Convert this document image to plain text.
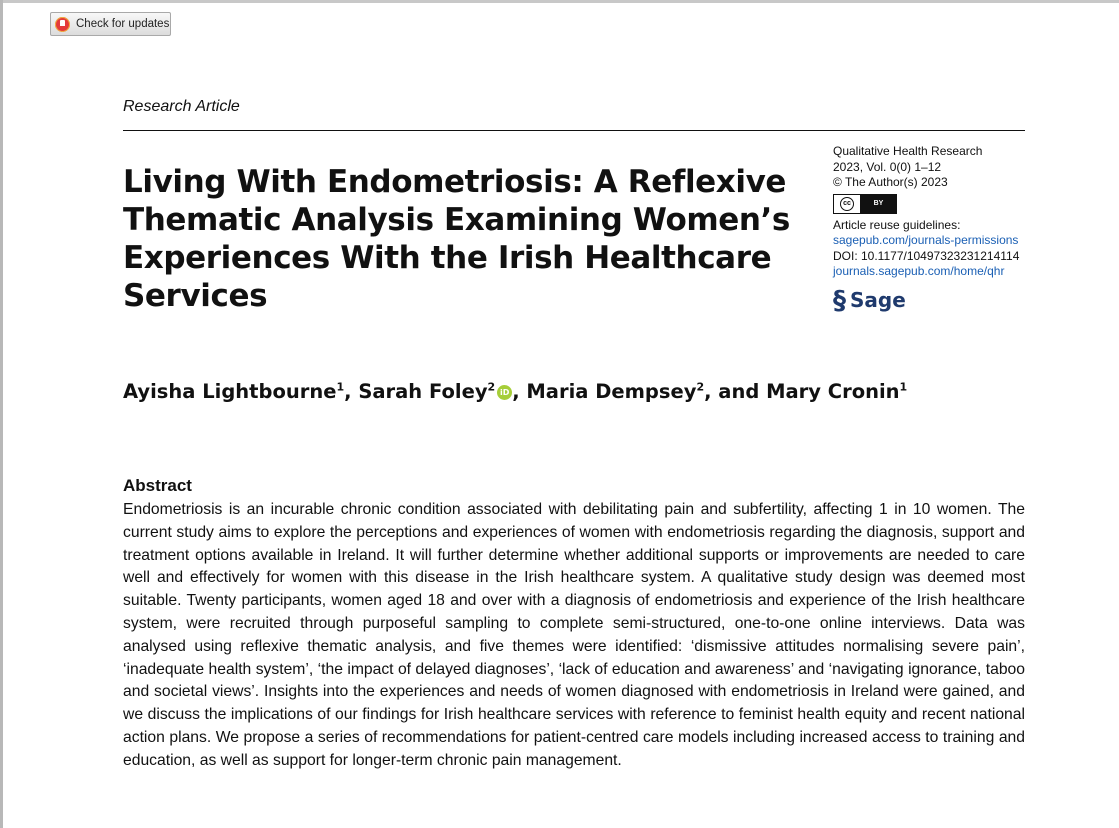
Check for updates
Research Article
Living With Endometriosis: A Reflexive Thematic Analysis Examining Women’s Experiences With the Irish Healthcare Services
Qualitative Health Research
2023, Vol. 0(0) 1–12
© The Author(s) 2023
cc	BY
Article reuse guidelines:
sagepub.com/journals-permissions
DOI: 10.1177/10497323231214114
journals.sagepub.com/home/qhr
§ Sage
Ayisha Lightbourne$^1$, Sarah Foley$^2$ iD , Maria Dempsey$^2$, and Mary Cronin$^1$
Abstract

Endometriosis is an incurable chronic condition associated with debilitating pain and subfertility, affecting 1 in 10 women. The current study aims to explore the perceptions and experiences of women with endometriosis regarding the diagnosis, support and treatment options available in Ireland. It will further determine whether additional supports or improvements are needed to care well and effectively for women with this disease in the Irish healthcare system. A qualitative study design was deemed most suitable. Twenty participants, women aged 18 and over with a diagnosis of endometriosis and experience of the Irish healthcare system, were recruited through purposeful sampling to complete semi-structured, one-to-one online interviews. Data was analysed using reflexive thematic analysis, and five themes were identified: ‘dismissive attitudes normalising severe pain’, ‘inadequate health system’, ‘the impact of delayed diagnoses’, ‘lack of education and awareness’ and ‘navigating ignorance, taboo and societal views’. Insights into the experiences and needs of women diagnosed with endometriosis in Ireland were gained, and we discuss the implications of our findings for Irish healthcare services with reference to feminist health equity and recent national action plans. We propose a series of recommendations for patient-centred care models including increased access to training and education, as well as support for longer-term chronic pain management.
